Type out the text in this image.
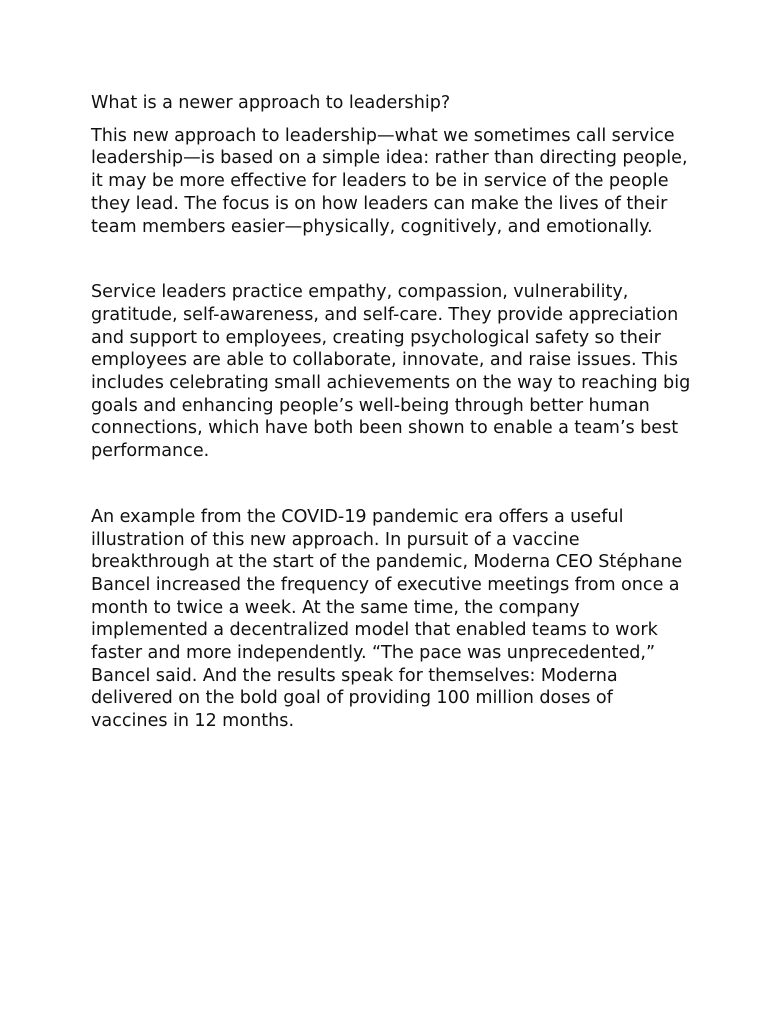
What is a newer approach to leadership?

This new approach to leadership—what we sometimes call service leadership—is based on a simple idea: rather than directing people, it may be more effective for leaders to be in service of the people they lead. The focus is on how leaders can make the lives of their team members easier—physically, cognitively, and emotionally.

Service leaders practice empathy, compassion, vulnerability, gratitude, self-awareness, and self-care. They provide appreciation and support to employees, creating psychological safety so their employees are able to collaborate, innovate, and raise issues. This includes celebrating small achievements on the way to reaching big goals and enhancing people’s well-being through better human connections, which have both been shown to enable a team’s best performance.

An example from the COVID-19 pandemic era offers a useful illustration of this new approach. In pursuit of a vaccine breakthrough at the start of the pandemic, Moderna CEO Stéphane Bancel increased the frequency of executive meetings from once a month to twice a week. At the same time, the company implemented a decentralized model that enabled teams to work faster and more independently. “The pace was unprecedented,” Bancel said. And the results speak for themselves: Moderna delivered on the bold goal of providing 100 million doses of vaccines in 12 months.
